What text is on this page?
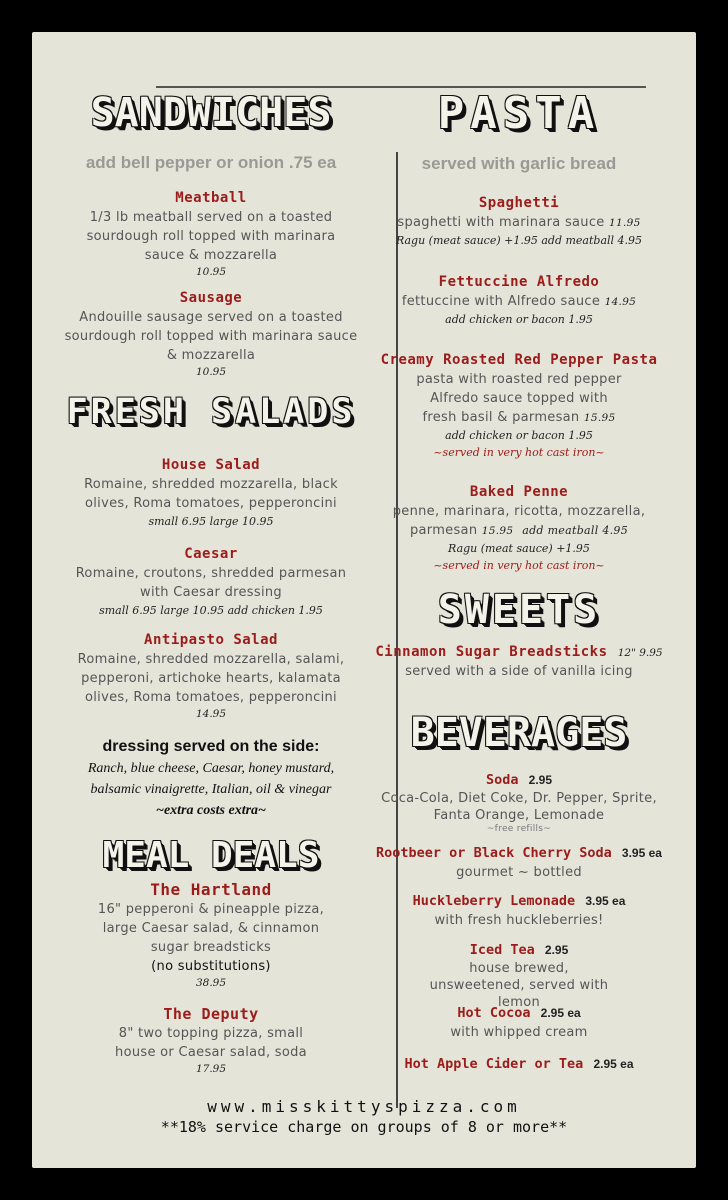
SANDWICHES
add bell pepper or onion .75 ea
Meatball
1/3 lb meatball served on a toasted sourdough roll topped with marinara sauce & mozzarella
10.95
Sausage
Andouille sausage served on a toasted sourdough roll topped with marinara sauce & mozzarella
10.95
FRESH SALADS
House Salad
Romaine, shredded mozzarella, black olives, Roma tomatoes, pepperoncini
small 6.95 large 10.95
Caesar
Romaine, croutons, shredded parmesan with Caesar dressing
small 6.95 large 10.95 add chicken 1.95
Antipasto Salad
Romaine, shredded mozzarella, salami, pepperoni, artichoke hearts, kalamata olives, Roma tomatoes, pepperoncini
14.95
dressing served on the side:
Ranch, blue cheese, Caesar, honey mustard, balsamic vinaigrette, Italian, oil & vinegar
~extra costs extra~
MEAL DEALS
The Hartland
16" pepperoni & pineapple pizza, large Caesar salad, & cinnamon sugar breadsticks
(no substitutions)
38.95
The Deputy
8" two topping pizza, small house or Caesar salad, soda
17.95
PASTA
served with garlic bread
Spaghetti
spaghetti with marinara sauce 11.95
Ragu (meat sauce) +1.95 add meatball 4.95
Fettuccine Alfredo
fettuccine with Alfredo sauce 14.95
add chicken or bacon 1.95
Creamy Roasted Red Pepper Pasta
pasta with roasted red pepper
Alfredo sauce topped with
fresh basil & parmesan 15.95
add chicken or bacon 1.95
~served in very hot cast iron~
Baked Penne
penne, marinara, ricotta, mozzarella,
parmesan 15.95 add meatball 4.95
Ragu (meat sauce) +1.95
~served in very hot cast iron~
SWEETS
Cinnamon Sugar Breadsticks 12" 9.95
served with a side of vanilla icing
BEVERAGES
Soda 2.95
Coca-Cola, Diet Coke, Dr. Pepper, Sprite, Fanta Orange, Lemonade
~free refills~
Rootbeer or Black Cherry Soda 3.95 ea
gourmet ~ bottled
Huckleberry Lemonade 3.95 ea
with fresh huckleberries!
Iced Tea 2.95
house brewed, unsweetened, served with lemon
Hot Cocoa 2.95 ea
with whipped cream
Hot Apple Cider or Tea 2.95 ea
www.misskittyspizza.com
**18% service charge on groups of 8 or more**
